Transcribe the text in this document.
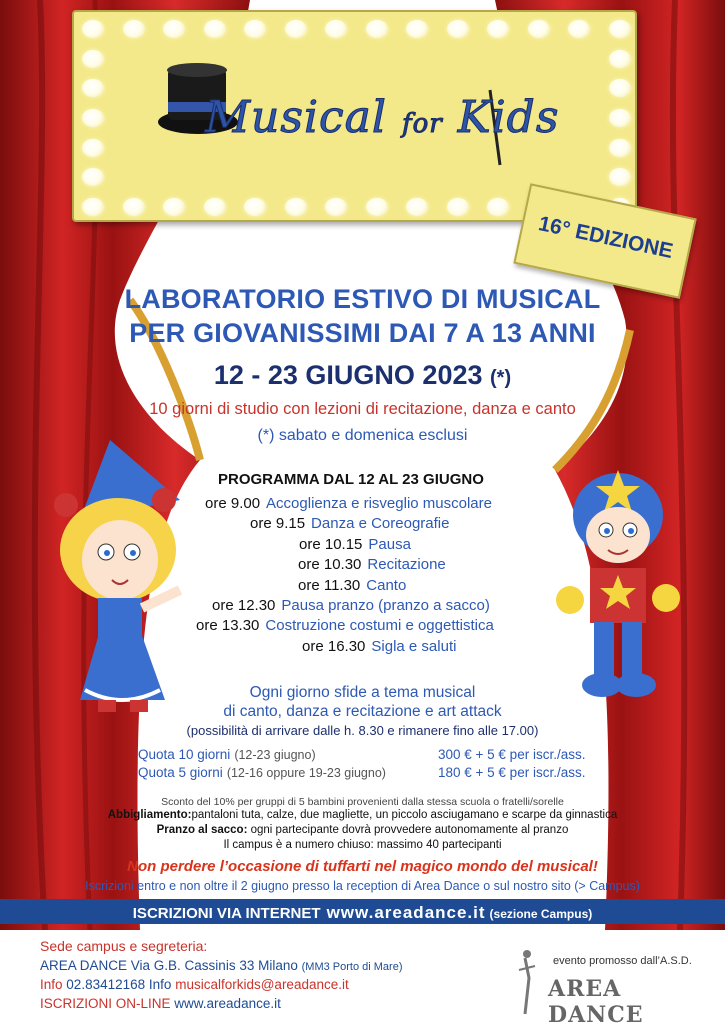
Musical for Kids
16° EDIZIONE
LABORATORIO ESTIVO DI MUSICAL
PER GIOVANISSIMI DAI 7 A 13 ANNI
12 - 23 GIUGNO 2023 (*)
10 giorni di studio con lezioni di recitazione, danza e canto
(*) sabato e domenica esclusi
PROGRAMMA DAL 12 AL 23 GIUGNO
ore 9.00 Accoglienza e risveglio muscolare
ore 9.15 Danza e Coreografie
ore 10.15 Pausa
ore 10.30 Recitazione
ore 11.30 Canto
ore 12.30 Pausa pranzo (pranzo a sacco)
ore 13.30 Costruzione costumi e oggettistica
ore 16.30 Sigla e saluti
Ogni giorno sfide a tema musical
di canto, danza e recitazione e art attack
(possibilità di arrivare dalle h. 8.30 e rimanere fino alle 17.00)
Quota 10 giorni (12-23 giugno)	300 € + 5 € per iscr./ass.
Quota 5 giorni (12-16 oppure 19-23 giugno)	180 € + 5 € per iscr./ass.
Sconto del 10% per gruppi di 5 bambini provenienti dalla stessa scuola o fratelli/sorelle
Abbigliamento:pantaloni tuta, calze, due magliette, un piccolo asciugamano e scarpe da ginnastica
Pranzo al sacco: ogni partecipante dovrà provvedere autonomamente al pranzo
Il campus è a numero chiuso: massimo 40 partecipanti
Non perdere l’occasione di tuffarti nel magico mondo del musical!
Iscrizioni entro e non oltre il 2 giugno presso la reception di Area Dance o sul nostro sito (> Campus)
ISCRIZIONI VIA INTERNET www.areadance.it (sezione Campus)
Sede campus e segreteria:
AREA DANCE Via G.B. Cassinis 33 Milano (MM3 Porto di Mare)
Info 02.83412168 Info musicalforkids@areadance.it
ISCRIZIONI ON-LINE www.areadance.it
evento promosso dall’A.S.D.
AREA DANCE
